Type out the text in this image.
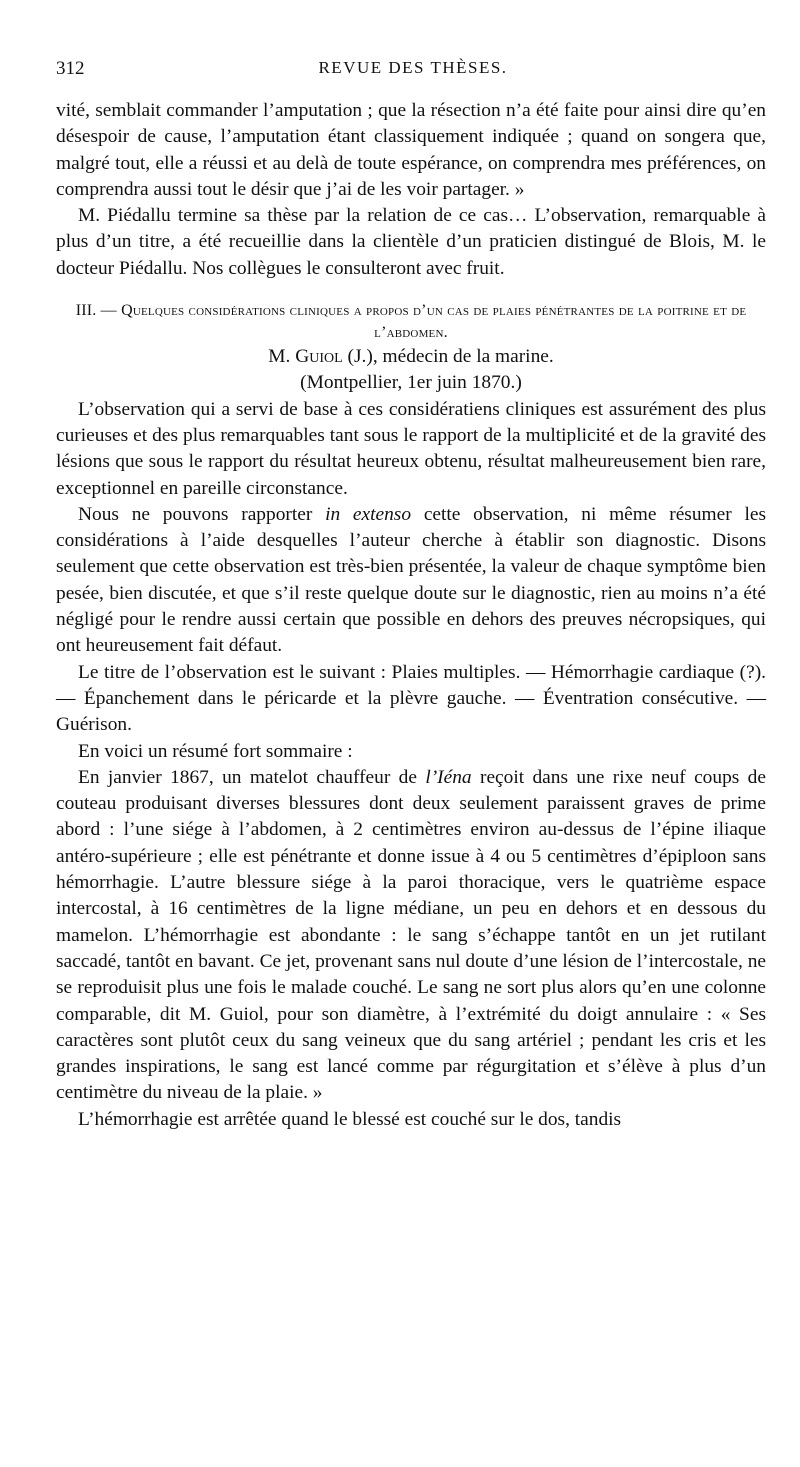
312	REVUE DES THÈSES.

vité, semblait commander l’amputation ; que la résection n’a été faite pour ainsi dire qu’en désespoir de cause, l’amputation étant classiquement indiquée ; quand on songera que, malgré tout, elle a réussi et au delà de toute espérance, on comprendra mes préférences, on comprendra aussi tout le désir que j’ai de les voir partager. »

M. Piédallu termine sa thèse par la relation de ce cas… L’observation, remarquable à plus d’un titre, a été recueillie dans la clientèle d’un praticien distingué de Blois, M. le docteur Piédallu. Nos collègues le consulteront avec fruit.

III. — Quelques considérations cliniques a propos d’un cas de plaies pénétrantes de la poitrine et de l’abdomen.

M. Guiol (J.), médecin de la marine.

(Montpellier, 1er juin 1870.)

L’observation qui a servi de base à ces considératiens cliniques est assurément des plus curieuses et des plus remarquables tant sous le rapport de la multiplicité et de la gravité des lésions que sous le rapport du résultat heureux obtenu, résultat malheureusement bien rare, exceptionnel en pareille circonstance.

Nous ne pouvons rapporter in extenso cette observation, ni même résumer les considérations à l’aide desquelles l’auteur cherche à établir son diagnostic. Disons seulement que cette observation est très-bien présentée, la valeur de chaque symptôme bien pesée, bien discutée, et que s’il reste quelque doute sur le diagnostic, rien au moins n’a été négligé pour le rendre aussi certain que possible en dehors des preuves nécropsiques, qui ont heureusement fait défaut.

Le titre de l’observation est le suivant : Plaies multiples. — Hémorrhagie cardiaque (?). — Épanchement dans le péricarde et la plèvre gauche. — Éventration consécutive. — Guérison.

En voici un résumé fort sommaire :

En janvier 1867, un matelot chauffeur de l’Iéna reçoit dans une rixe neuf coups de couteau produisant diverses blessures dont deux seulement paraissent graves de prime abord : l’une siége à l’abdomen, à 2 centimètres environ au-dessus de l’épine iliaque antéro-supérieure ; elle est pénétrante et donne issue à 4 ou 5 centimètres d’épiploon sans hémorrhagie. L’autre blessure siége à la paroi thoracique, vers le quatrième espace intercostal, à 16 centimètres de la ligne médiane, un peu en dehors et en dessous du mamelon. L’hémorrhagie est abondante : le sang s’échappe tantôt en un jet rutilant saccadé, tantôt en bavant. Ce jet, provenant sans nul doute d’une lésion de l’intercostale, ne se reproduisit plus une fois le malade couché. Le sang ne sort plus alors qu’en une colonne comparable, dit M. Guiol, pour son diamètre, à l’extrémité du doigt annulaire : « Ses caractères sont plutôt ceux du sang veineux que du sang artériel ; pendant les cris et les grandes inspirations, le sang est lancé comme par régurgitation et s’élève à plus d’un centimètre du niveau de la plaie. »

L’hémorrhagie est arrêtée quand le blessé est couché sur le dos, tandis
